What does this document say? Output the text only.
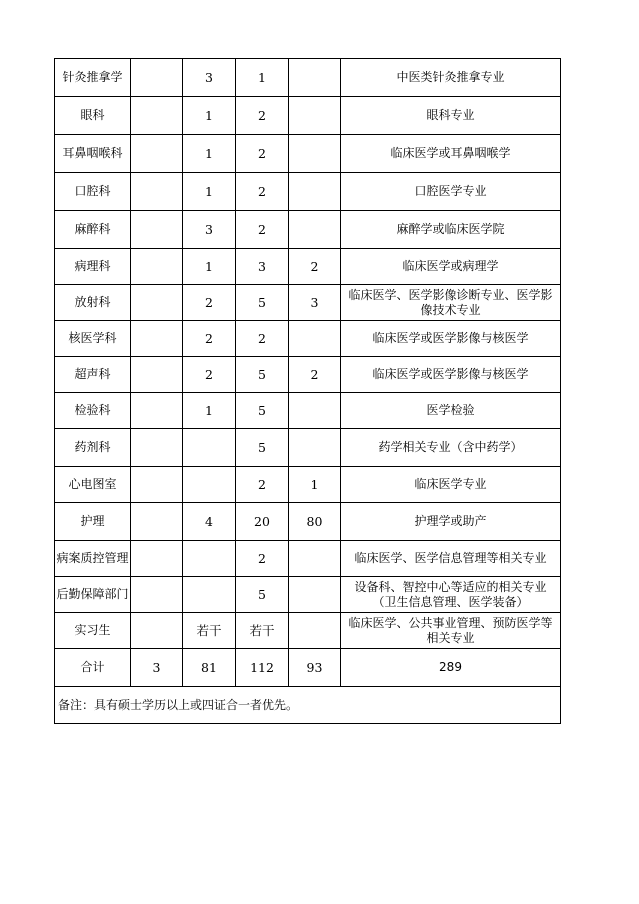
针灸推拿学		3	1		中医类针灸推拿专业
眼科		1	2		眼科专业
耳鼻咽喉科		1	2		临床医学或耳鼻咽喉学
口腔科		1	2		口腔医学专业
麻醉科		3	2		麻醉学或临床医学院
病理科		1	3	2	临床医学或病理学
放射科		2	5	3	临床医学、医学影像诊断专业、医学影像技术专业
核医学科		2	2		临床医学或医学影像与核医学
超声科		2	5	2	临床医学或医学影像与核医学
检验科		1	5		医学检验
药剂科			5		药学相关专业（含中药学）
心电图室			2	1	临床医学专业
护理		4	20	80	护理学或助产
病案质控管理			2		临床医学、医学信息管理等相关专业
后勤保障部门			5		设备科、智控中心等适应的相关专业（卫生信息管理、医学装备）
实习生		若干	若干		临床医学、公共事业管理、预防医学等相关专业
合计	3	81	112	93	289
备注：具有硕士学历以上或四证合一者优先。					
